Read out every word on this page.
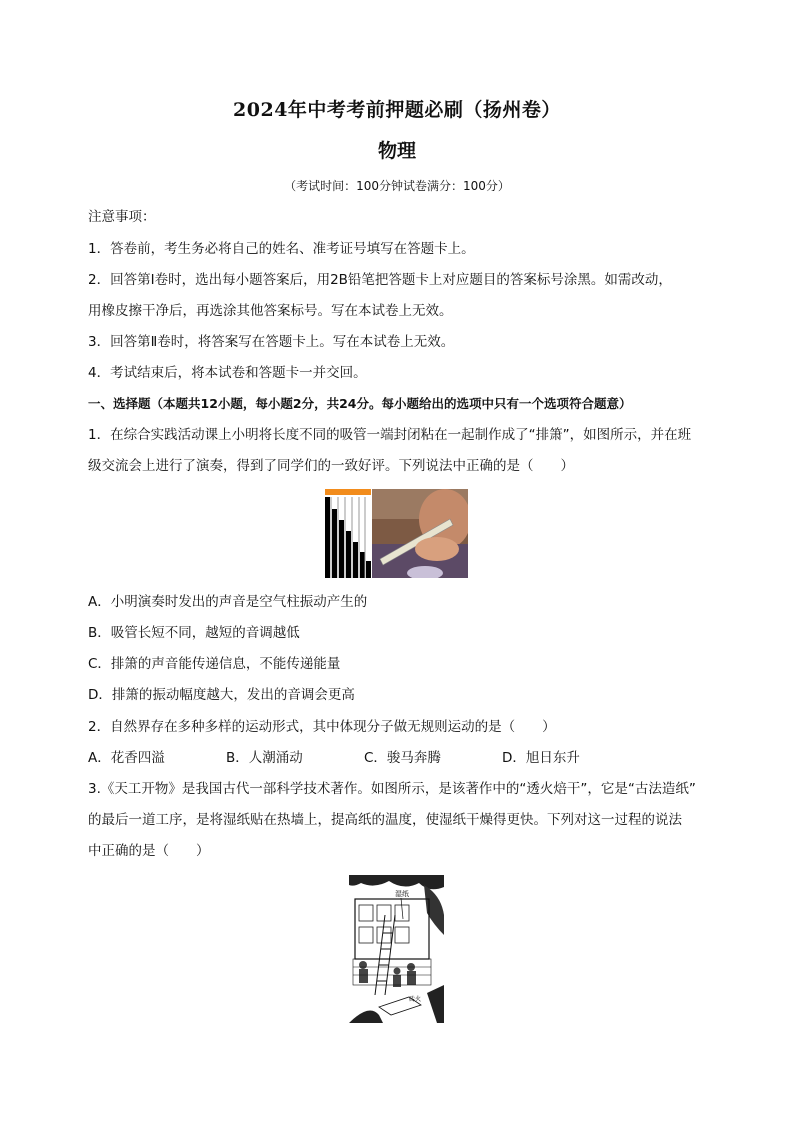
2024年中考考前押题必刷（扬州卷）
物理
（考试时间：100分钟试卷满分：100分）
注意事项：
1．答卷前，考生务必将自己的姓名、准考证号填写在答题卡上。
2．回答第Ⅰ卷时，选出每小题答案后，用2B铅笔把答题卡上对应题目的答案标号涂黑。如需改动，
用橡皮擦干净后，再选涂其他答案标号。写在本试卷上无效。
3．回答第Ⅱ卷时，将答案写在答题卡上。写在本试卷上无效。
4．考试结束后，将本试卷和答题卡一并交回。
一、选择题（本题共12小题，每小题2分，共24分。每小题给出的选项中只有一个选项符合题意）
1．在综合实践活动课上小明将长度不同的吸管一端封闭粘在一起制作成了“排箫”，如图所示，并在班
级交流会上进行了演奏，得到了同学们的一致好评。下列说法中正确的是（　　）
A．小明演奏时发出的声音是空气柱振动产生的
B．吸管长短不同，越短的音调越低
C．排箫的声音能传递信息，不能传递能量
D．排箫的振动幅度越大，发出的音调会更高
2．自然界存在多种多样的运动形式，其中体现分子做无规则运动的是（　　）
A．花香四溢	B．人潮涌动	C．骏马奔腾	D．旭日东升
3.《天工开物》是我国古代一部科学技术著作。如图所示，是该著作中的“透火焙干”，它是“古法造纸”
的最后一道工序，是将湿纸贴在热墙上，提高纸的温度，使湿纸干燥得更快。下列对这一过程的说法
中正确的是（　　）
湿纸
砖火
